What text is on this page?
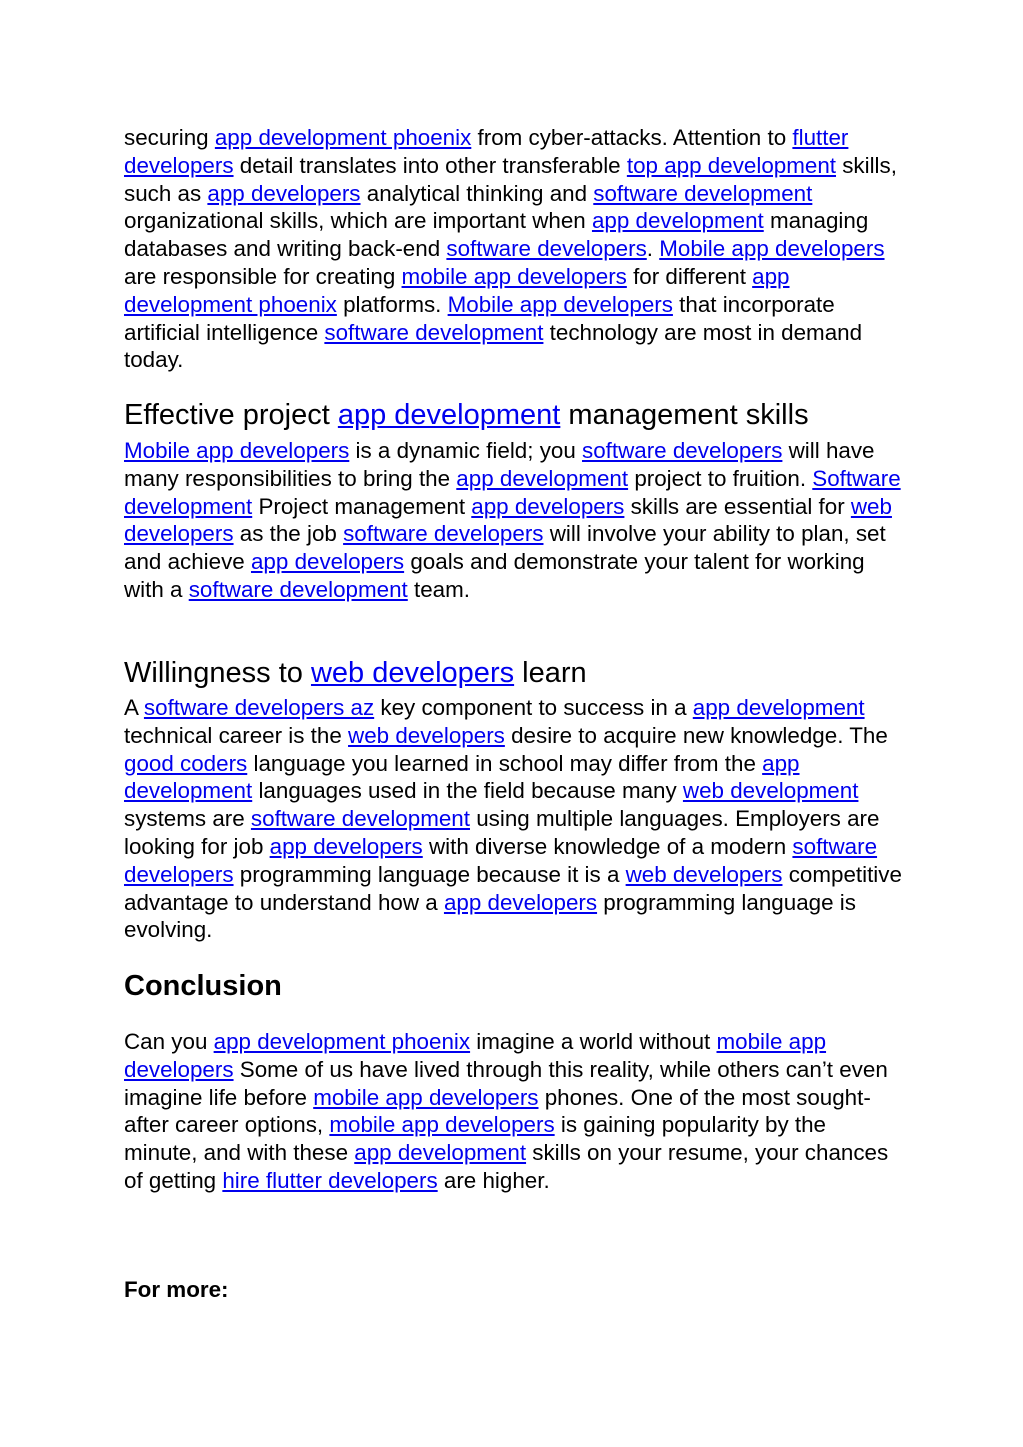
securing app development phoenix from cyber-attacks. Attention to flutter developers detail translates into other transferable top app development skills, such as app developers analytical thinking and software development organizational skills, which are important when app development managing databases and writing back-end software developers. Mobile app developers are responsible for creating mobile app developers for different app development phoenix platforms. Mobile app developers that incorporate artificial intelligence software development technology are most in demand today.

Effective project app development management skills

Mobile app developers is a dynamic field; you software developers will have many responsibilities to bring the app development project to fruition. Software development Project management app developers skills are essential for web developers as the job software developers will involve your ability to plan, set and achieve app developers goals and demonstrate your talent for working with a software development team.

Willingness to web developers learn

A software developers az key component to success in a app development technical career is the web developers desire to acquire new knowledge. The good coders language you learned in school may differ from the app development languages used in the field because many web development systems are software development using multiple languages. Employers are looking for job app developers with diverse knowledge of a modern software developers programming language because it is a web developers competitive advantage to understand how a app developers programming language is evolving.

Conclusion

Can you app development phoenix imagine a world without mobile app developers Some of us have lived through this reality, while others can’t even imagine life before mobile app developers phones. One of the most sought-after career options, mobile app developers is gaining popularity by the minute, and with these app development skills on your resume, your chances of getting hire flutter developers are higher.

For more:
